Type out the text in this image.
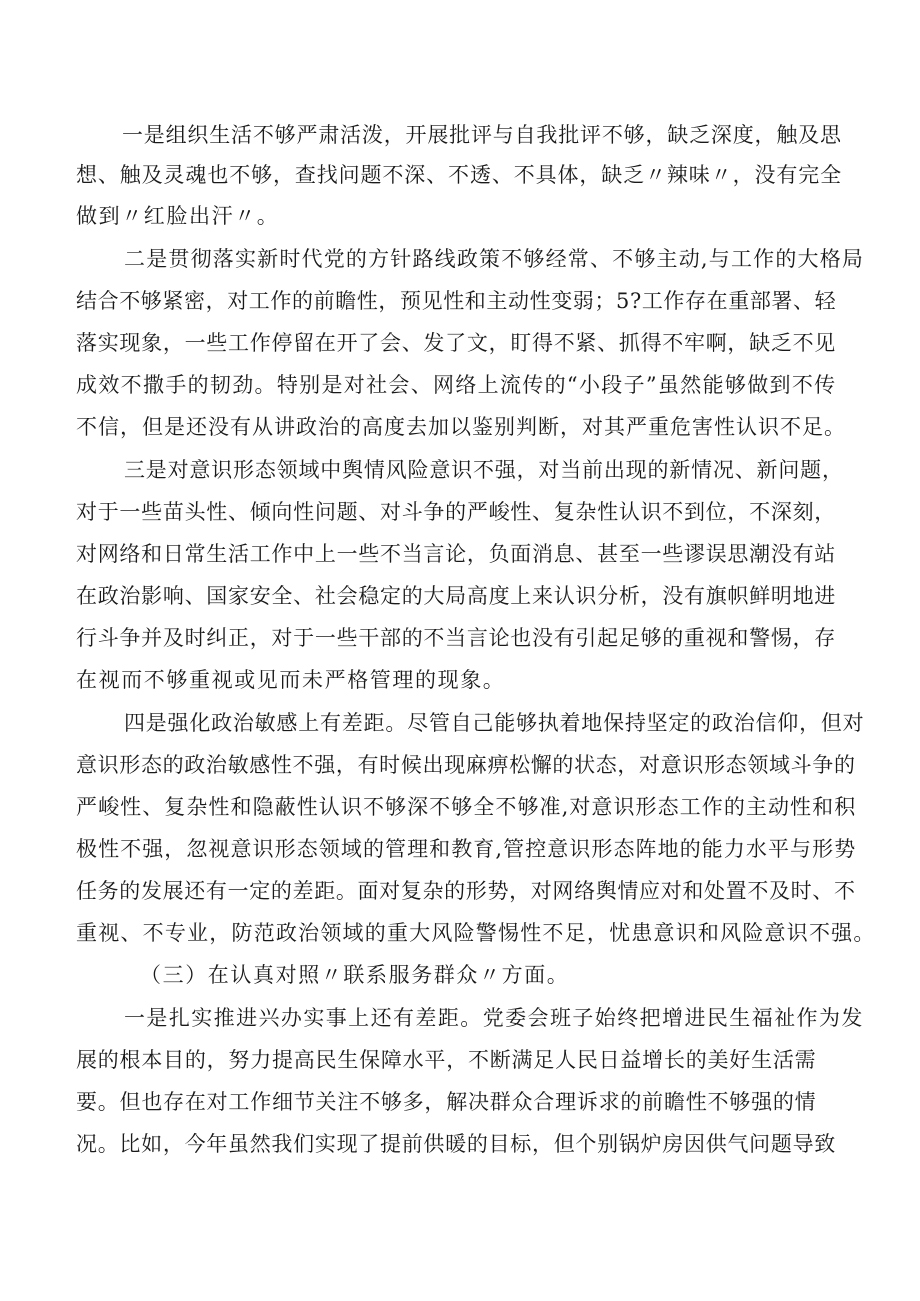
一是组织生活不够严肃活泼，开展批评与自我批评不够，缺乏深度，触及思
想、触及灵魂也不够，查找问题不深、不透、不具体，缺乏〃辣味〃，没有完全
做到〃红脸出汗〃。
二是贯彻落实新时代党的方针路线政策不够经常、不够主动,与工作的大格局
结合不够紧密，对工作的前瞻性，预见性和主动性变弱；5?工作存在重部署、轻
落实现象，一些工作停留在开了会、发了文，盯得不紧、抓得不牢啊，缺乏不见
成效不撒手的韧劲。特别是对社会、网络上流传的“小段子”虽然能够做到不传
不信，但是还没有从讲政治的高度去加以鉴别判断，对其严重危害性认识不足。
三是对意识形态领域中舆情风险意识不强，对当前出现的新情况、新问题，
对于一些苗头性、倾向性问题、对斗争的严峻性、复杂性认识不到位，不深刻，
对网络和日常生活工作中上一些不当言论，负面消息、甚至一些谬误思潮没有站
在政治影响、国家安全、社会稳定的大局高度上来认识分析，没有旗帜鲜明地进
行斗争并及时纠正，对于一些干部的不当言论也没有引起足够的重视和警惕，存
在视而不够重视或见而未严格管理的现象。
四是强化政治敏感上有差距。尽管自己能够执着地保持坚定的政治信仰，但对
意识形态的政治敏感性不强，有时候出现麻痹松懈的状态，对意识形态领域斗争的
严峻性、复杂性和隐蔽性认识不够深不够全不够准,对意识形态工作的主动性和积
极性不强，忽视意识形态领域的管理和教育,管控意识形态阵地的能力水平与形势
任务的发展还有一定的差距。面对复杂的形势，对网络舆情应对和处置不及时、不
重视、不专业，防范政治领域的重大风险警惕性不足，忧患意识和风险意识不强。
（三）在认真对照〃联系服务群众〃方面。
一是扎实推进兴办实事上还有差距。党委会班子始终把增进民生福祉作为发
展的根本目的，努力提高民生保障水平，不断满足人民日益增长的美好生活需
要。但也存在对工作细节关注不够多，解决群众合理诉求的前瞻性不够强的情
况。比如，今年虽然我们实现了提前供暖的目标，但个别锅炉房因供气问题导致
